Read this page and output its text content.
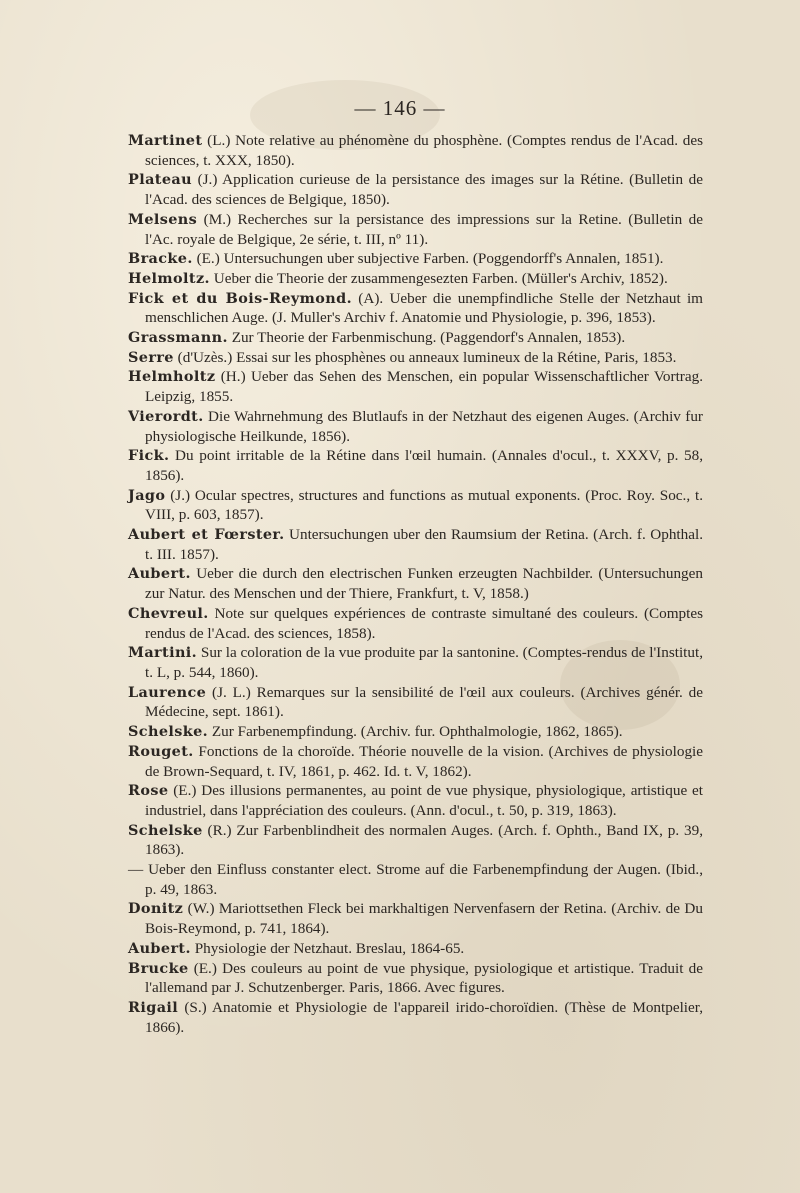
— 146 —
Martinet (L.) Note relative au phénomène du phosphène. (Comptes rendus de l'Acad. des sciences, t. XXX, 1850).
Plateau (J.) Application curieuse de la persistance des images sur la Rétine. (Bulletin de l'Acad. des sciences de Belgique, 1850).
Melsens (M.) Recherches sur la persistance des impressions sur la Retine. (Bulletin de l'Ac. royale de Belgique, 2e série, t. III, nº 11).
Bracke. (E.) Untersuchungen uber subjective Farben. (Poggendorff's Annalen, 1851).
Helmoltz. Ueber die Theorie der zusammengesezten Farben. (Müller's Archiv, 1852).
Fick et du Bois-Reymond. (A). Ueber die unempfindliche Stelle der Netzhaut im menschlichen Auge. (J. Muller's Archiv f. Anatomie und Physiologie, p. 396, 1853).
Grassmann. Zur Theorie der Farbenmischung. (Paggendorf's Annalen, 1853).
Serre (d'Uzès.) Essai sur les phosphènes ou anneaux lumineux de la Rétine, Paris, 1853.
Helmholtz (H.) Ueber das Sehen des Menschen, ein popular Wissenschaftlicher Vortrag. Leipzig, 1855.
Vierordt. Die Wahrnehmung des Blutlaufs in der Netzhaut des eigenen Auges. (Archiv fur physiologische Heilkunde, 1856).
Fick. Du point irritable de la Rétine dans l'œil humain. (Annales d'ocul., t. XXXV, p. 58, 1856).
Jago (J.) Ocular spectres, structures and functions as mutual exponents. (Proc. Roy. Soc., t. VIII, p. 603, 1857).
Aubert et Fœrster. Untersuchungen uber den Raumsium der Retina. (Arch. f. Ophthal. t. III. 1857).
Aubert. Ueber die durch den electrischen Funken erzeugten Nachbilder. (Untersuchungen zur Natur. des Menschen und der Thiere, Frankfurt, t. V, 1858.)
Chevreul. Note sur quelques expériences de contraste simultané des couleurs. (Comptes rendus de l'Acad. des sciences, 1858).
Martini. Sur la coloration de la vue produite par la santonine. (Comptes-rendus de l'Institut, t. L, p. 544, 1860).
Laurence (J. L.) Remarques sur la sensibilité de l'œil aux couleurs. (Archives génér. de Médecine, sept. 1861).
Schelske. Zur Farbenempfindung. (Archiv. fur. Ophthalmologie, 1862, 1865).
Rouget. Fonctions de la choroïde. Théorie nouvelle de la vision. (Archives de physiologie de Brown-Sequard, t. IV, 1861, p. 462. Id. t. V, 1862).
Rose (E.) Des illusions permanentes, au point de vue physique, physiologique, artistique et industriel, dans l'appréciation des couleurs. (Ann. d'ocul., t. 50, p. 319, 1863).
Schelske (R.) Zur Farbenblindheit des normalen Auges. (Arch. f. Ophth., Band IX, p. 39, 1863).
— Ueber den Einfluss constanter elect. Strome auf die Farbenempfindung der Augen. (Ibid., p. 49, 1863.
Donitz (W.) Mariottsethen Fleck bei markhaltigen Nervenfasern der Retina. (Archiv. de Du Bois-Reymond, p. 741, 1864).
Aubert. Physiologie der Netzhaut. Breslau, 1864-65.
Brucke (E.) Des couleurs au point de vue physique, pysiologique et artistique. Traduit de l'allemand par J. Schutzenberger. Paris, 1866. Avec figures.
Rigail (S.) Anatomie et Physiologie de l'appareil irido-choroïdien. (Thèse de Montpelier, 1866).
